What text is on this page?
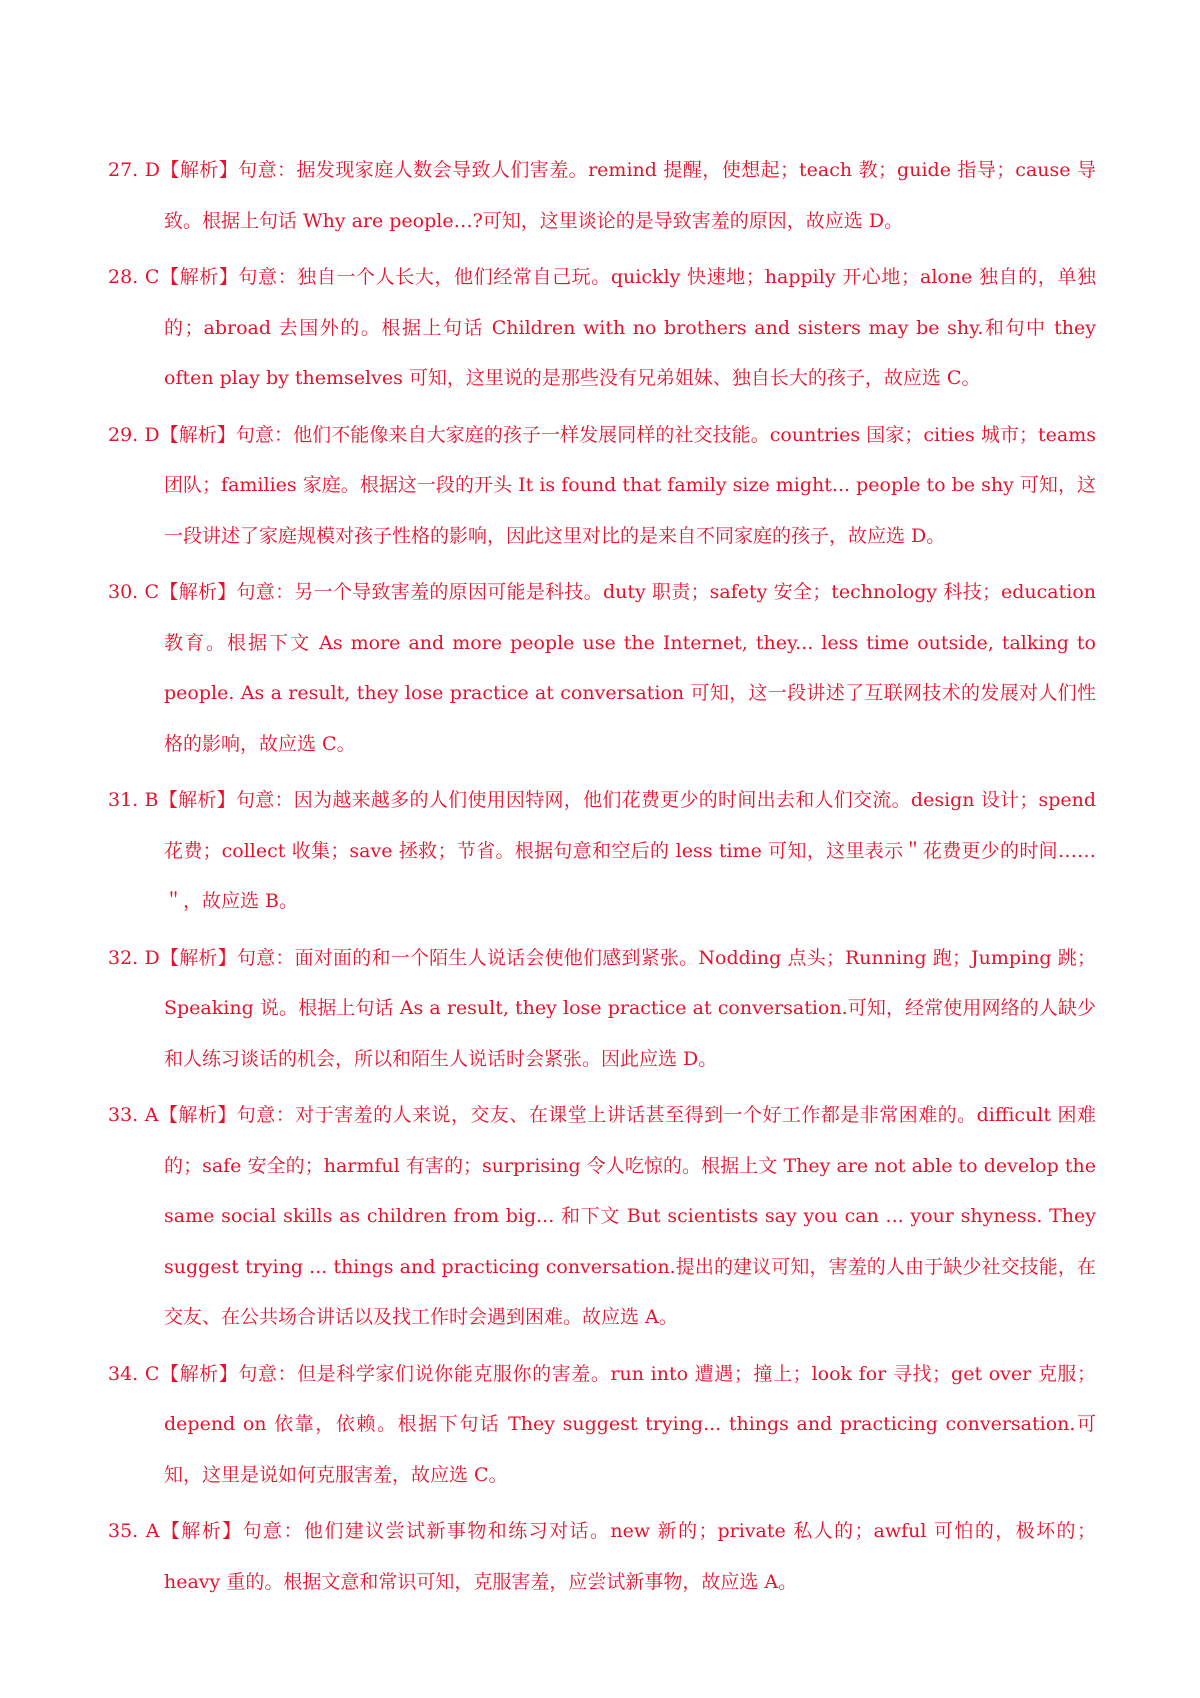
27. D【解析】句意：据发现家庭人数会导致人们害羞。remind 提醒，使想起；teach 教；guide 指导；cause 导致。根据上句话 Why are people…?可知，这里谈论的是导致害羞的原因，故应选 D。

28. C【解析】句意：独自一个人长大，他们经常自己玩。quickly 快速地；happily 开心地；alone 独自的，单独的；abroad 去国外的。根据上句话 Children with no brothers and sisters may be shy.和句中 they often play by themselves 可知，这里说的是那些没有兄弟姐妹、独自长大的孩子，故应选 C。

29. D【解析】句意：他们不能像来自大家庭的孩子一样发展同样的社交技能。countries 国家；cities 城市；teams 团队；families 家庭。根据这一段的开头 It is found that family size might... people to be shy 可知，这一段讲述了家庭规模对孩子性格的影响，因此这里对比的是来自不同家庭的孩子，故应选 D。

30. C【解析】句意：另一个导致害羞的原因可能是科技。duty 职责；safety 安全；technology 科技；education 教育。根据下文 As more and more people use the Internet, they... less time outside, talking to people. As a result, they lose practice at conversation 可知，这一段讲述了互联网技术的发展对人们性格的影响，故应选 C。

31. B【解析】句意：因为越来越多的人们使用因特网，他们花费更少的时间出去和人们交流。design 设计；spend 花费；collect 收集；save 拯救；节省。根据句意和空后的 less time 可知，这里表示＂花费更少的时间……＂，故应选 B。

32. D【解析】句意：面对面的和一个陌生人说话会使他们感到紧张。Nodding 点头；Running 跑；Jumping 跳；Speaking 说。根据上句话 As a result, they lose practice at conversation.可知，经常使用网络的人缺少和人练习谈话的机会，所以和陌生人说话时会紧张。因此应选 D。

33. A【解析】句意：对于害羞的人来说，交友、在课堂上讲话甚至得到一个好工作都是非常困难的。difficult 困难的；safe 安全的；harmful 有害的；surprising 令人吃惊的。根据上文 They are not able to develop the same social skills as children from big... 和下文 But scientists say you can ... your shyness. They suggest trying ... things and practicing conversation.提出的建议可知，害羞的人由于缺少社交技能，在交友、在公共场合讲话以及找工作时会遇到困难。故应选 A。

34. C【解析】句意：但是科学家们说你能克服你的害羞。run into 遭遇；撞上；look for 寻找；get over 克服；depend on 依靠，依赖。根据下句话 They suggest trying... things and practicing conversation.可知，这里是说如何克服害羞，故应选 C。

35. A【解析】句意：他们建议尝试新事物和练习对话。new 新的；private 私人的；awful 可怕的，极坏的；heavy 重的。根据文意和常识可知，克服害羞，应尝试新事物，故应选 A。
